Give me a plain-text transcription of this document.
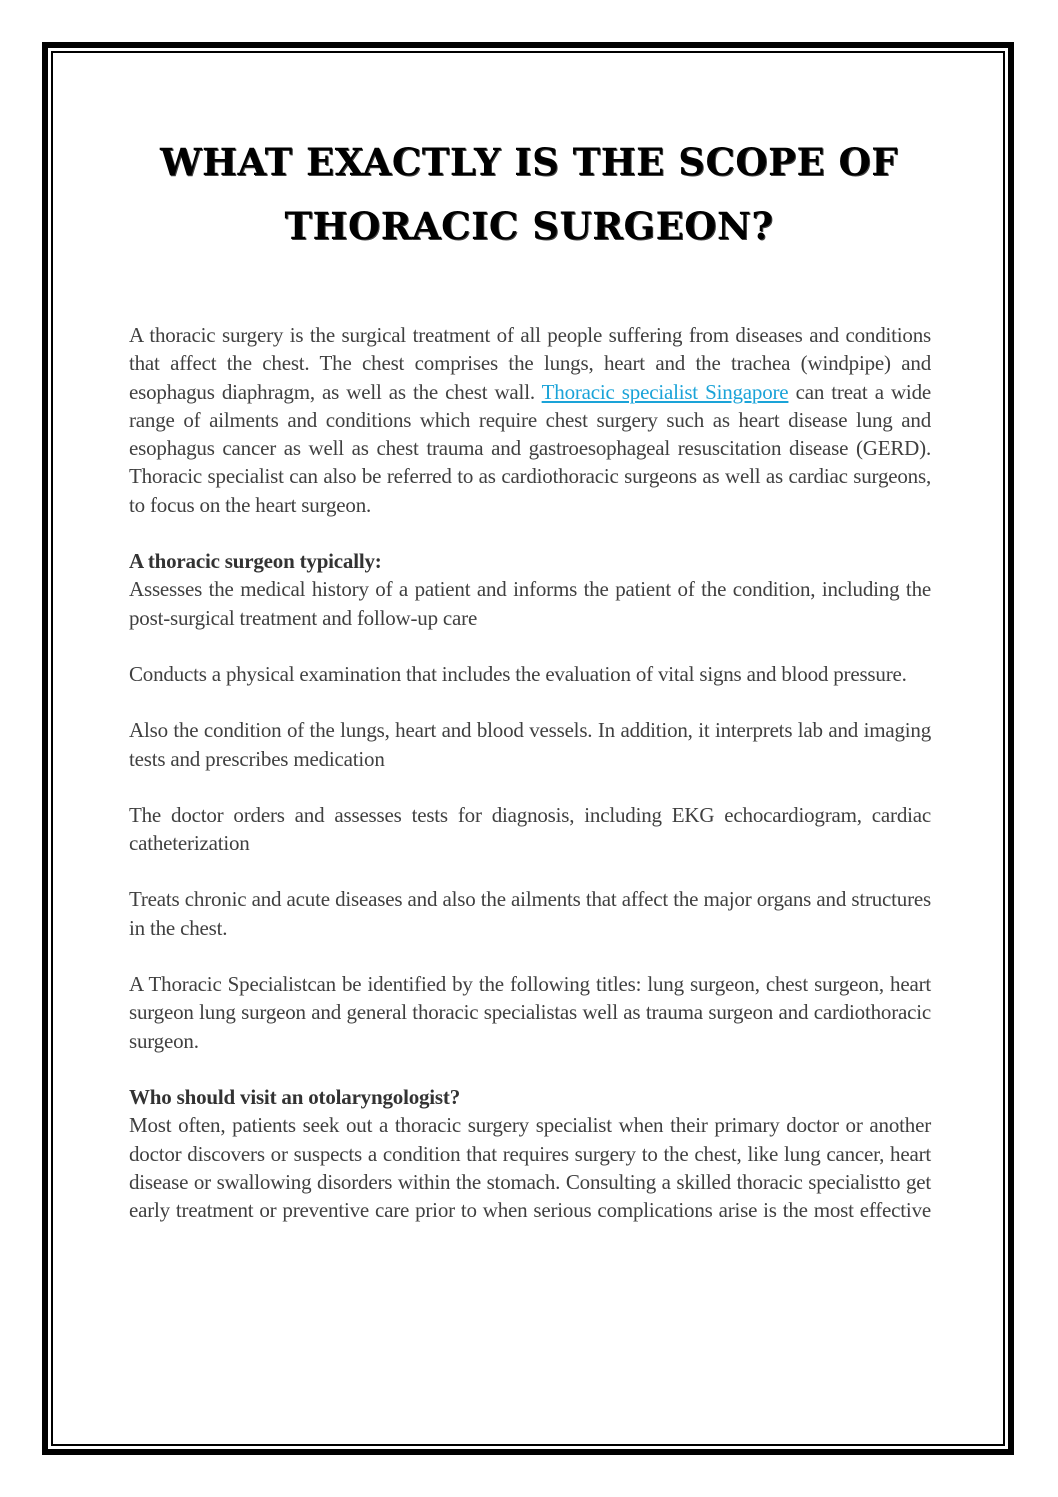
WHAT EXACTLY IS THE SCOPE OF THORACIC SURGEON?

A thoracic surgery is the surgical treatment of all people suffering from diseases and conditions that affect the chest. The chest comprises the lungs, heart and the trachea (windpipe) and esophagus diaphragm, as well as the chest wall. Thoracic specialist Singapore can treat a wide range of ailments and conditions which require chest surgery such as heart disease lung and esophagus cancer as well as chest trauma and gastroesophageal resuscitation disease (GERD). Thoracic specialist can also be referred to as cardiothoracic surgeons as well as cardiac surgeons, to focus on the heart surgeon.

A thoracic surgeon typically:

Assesses the medical history of a patient and informs the patient of the condition, including the post-surgical treatment and follow-up care

Conducts a physical examination that includes the evaluation of vital signs and blood pressure.

Also the condition of the lungs, heart and blood vessels. In addition, it interprets lab and imaging tests and prescribes medication

The doctor orders and assesses tests for diagnosis, including EKG echocardiogram, cardiac catheterization

Treats chronic and acute diseases and also the ailments that affect the major organs and structures in the chest.

A Thoracic Specialistcan be identified by the following titles: lung surgeon, chest surgeon, heart surgeon lung surgeon and general thoracic specialistas well as trauma surgeon and cardiothoracic surgeon.

Who should visit an otolaryngologist?

Most often, patients seek out a thoracic surgery specialist when their primary doctor or another doctor discovers or suspects a condition that requires surgery to the chest, like lung cancer, heart disease or swallowing disorders within the stomach. Consulting a skilled thoracic specialistto get early treatment or preventive care prior to when serious complications arise is the most effective
